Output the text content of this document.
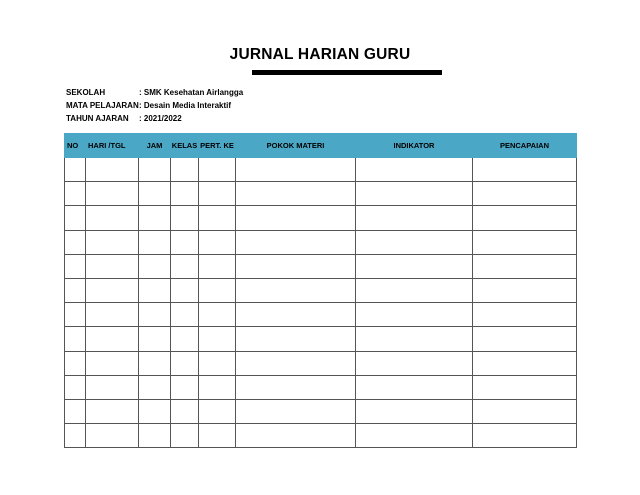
JURNAL HARIAN GURU
SEKOLAH	: SMK Kesehatan Airlangga
MATA PELAJARAN : Desain Media Interaktif
TAHUN AJARAN	: 2021/2022
NO	HARI /TGL	JAM	KELAS	PERT. KE	POKOK MATERI	INDIKATOR	PENCAPAIAN
